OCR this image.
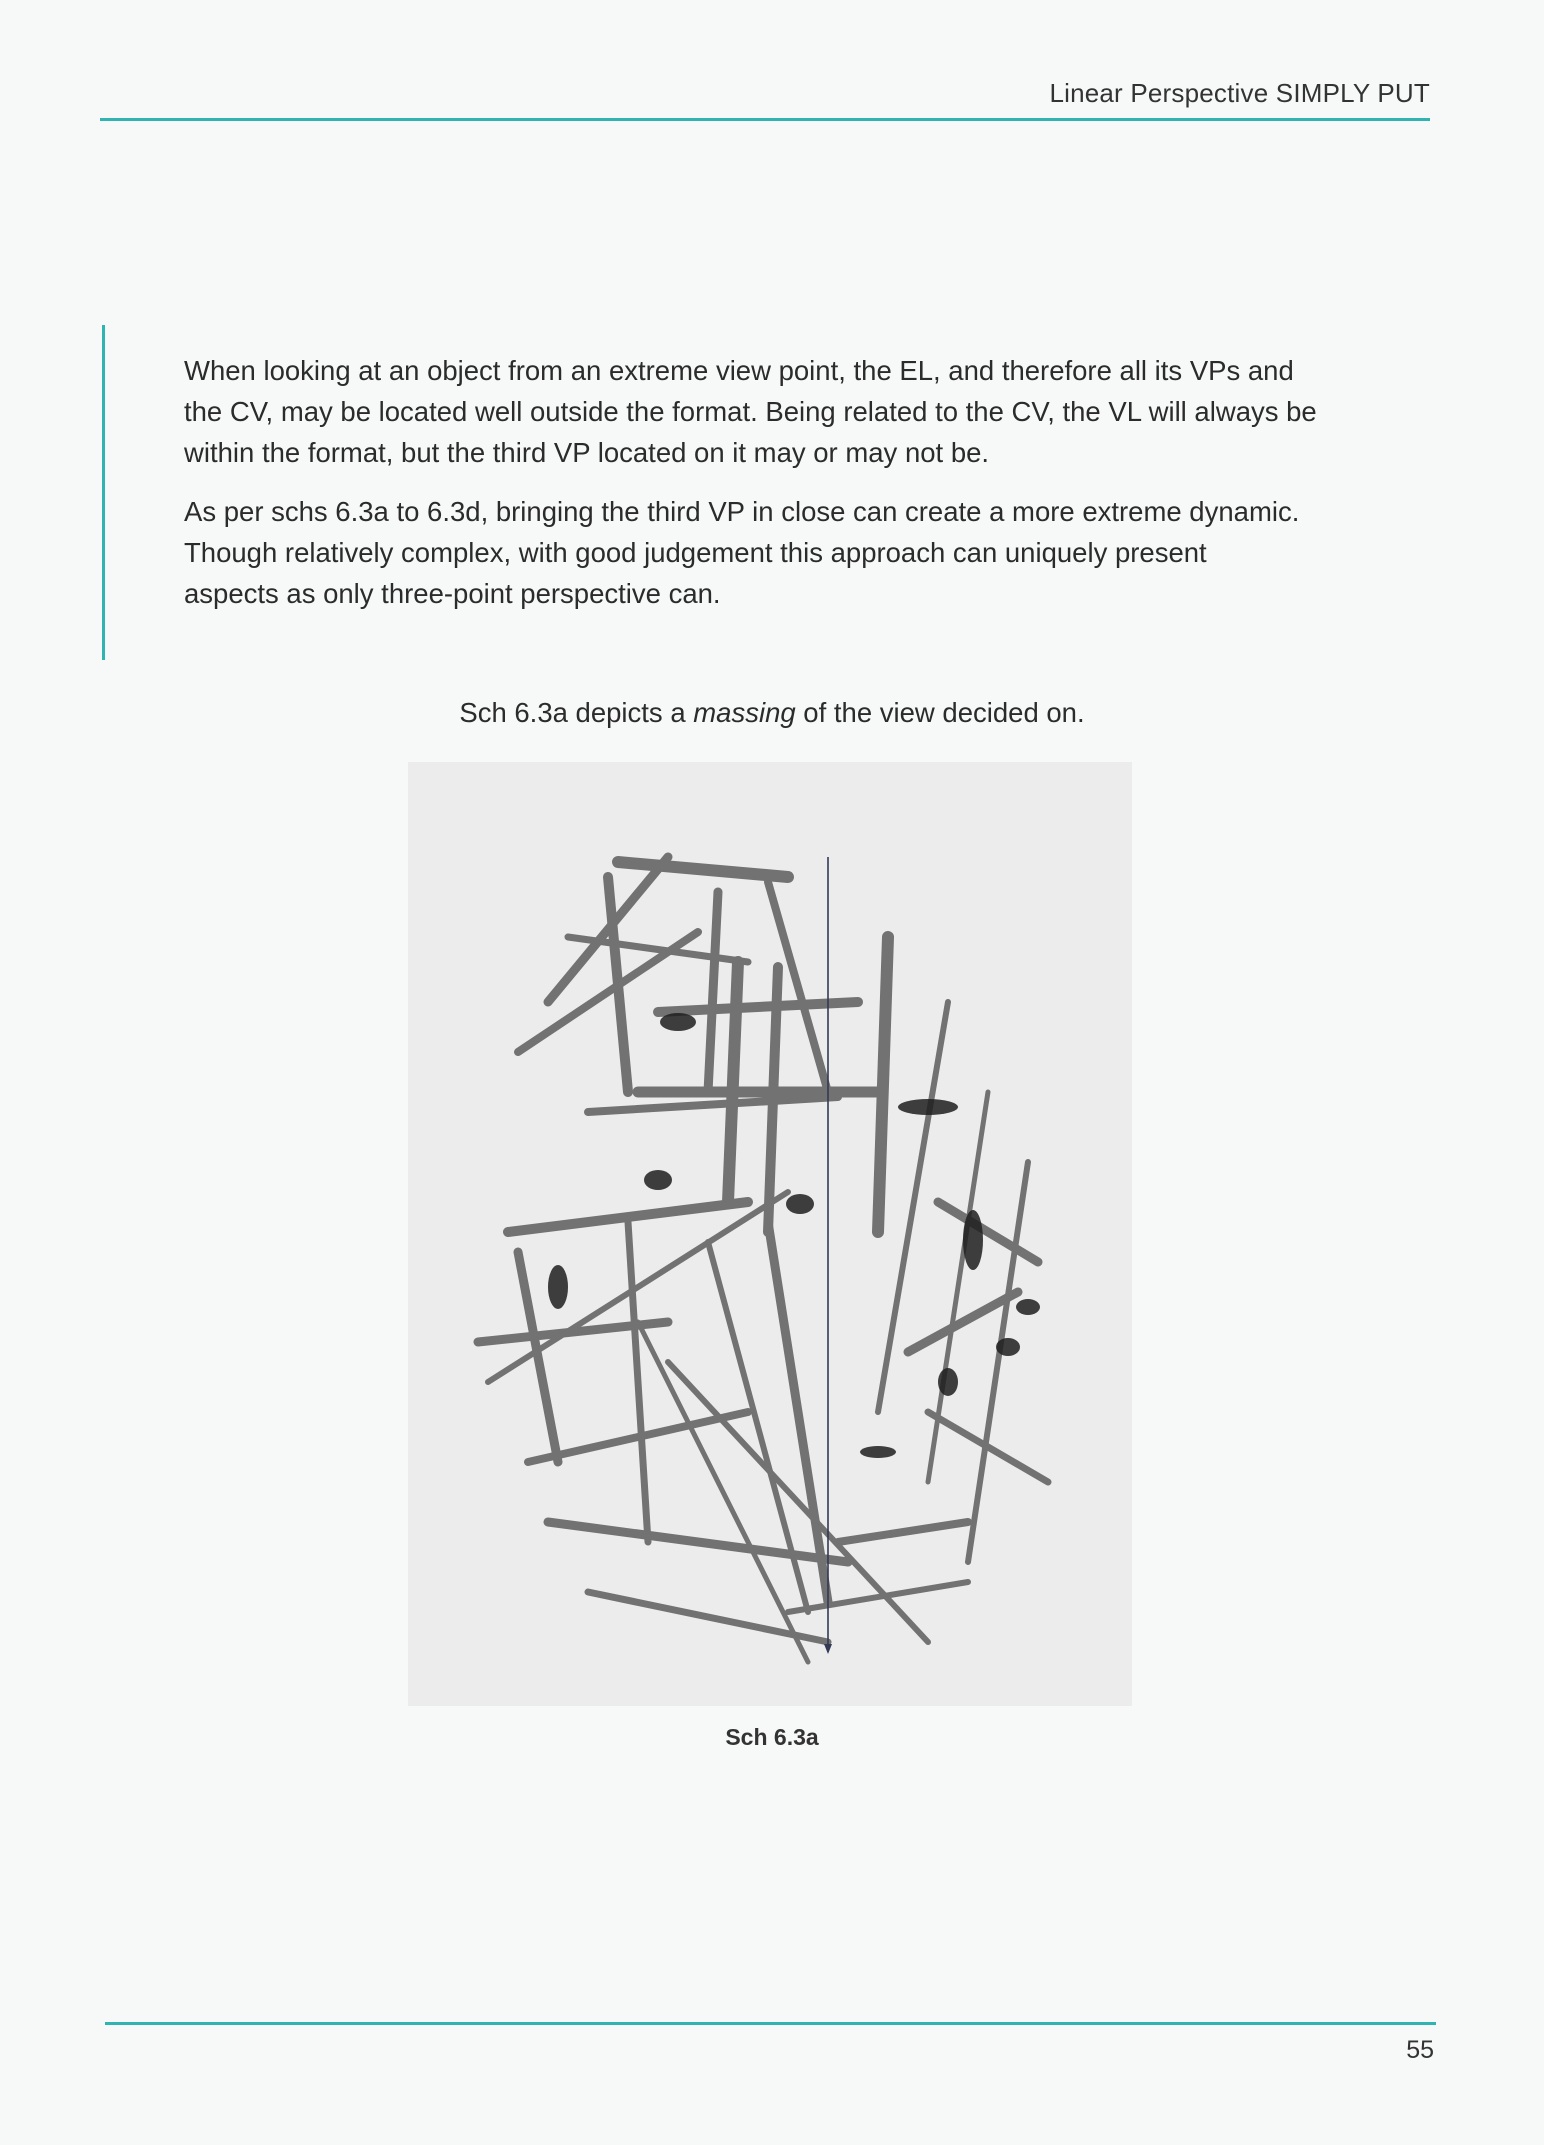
Linear Perspective SIMPLY PUT

When looking at an object from an extreme view point, the EL, and therefore all its VPs and
the CV, may be located well outside the format. Being related to the CV, the VL will always be
within the format, but the third VP located on it may or may not be.

As per schs 6.3a to 6.3d, bringing the third VP in close can create a more extreme dynamic.
Though relatively complex, with good judgement this approach can uniquely present
aspects as only three-point perspective can.

Sch 6.3a depicts a massing of the view decided on.
Sch 6.3a
55
